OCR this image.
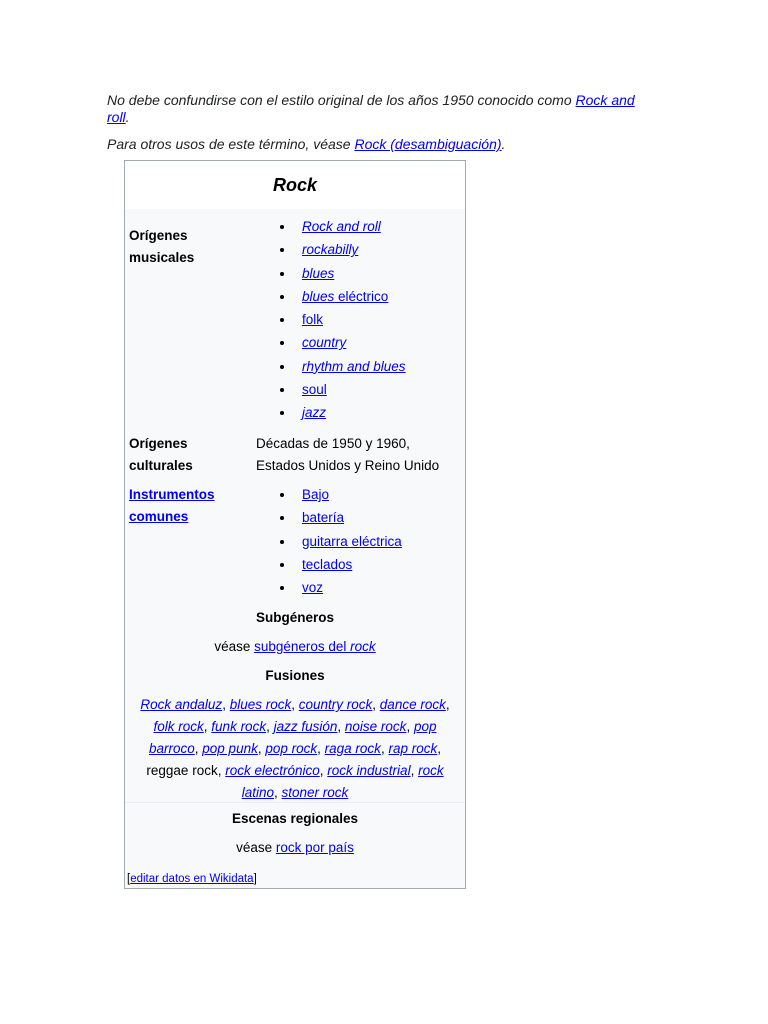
No debe confundirse con el estilo original de los años 1950 conocido como Rock and roll.
Para otros usos de este término, véase Rock (desambiguación).
Rock
Orígenes
musicales
Rock and roll
rockabilly
blues
blues eléctrico
folk
country
rhythm and blues
soul
jazz
Orígenes
culturales
Décadas de 1950 y 1960,
Estados Unidos y Reino Unido
Instrumentos
comunes
Bajo
batería
guitarra eléctrica
teclados
voz
Subgéneros
véase subgéneros del rock
Fusiones
Rock andaluz, blues rock, country rock, dance rock, folk rock, funk rock, jazz fusión, noise rock, pop barroco, pop punk, pop rock, raga rock, rap rock, reggae rock, rock electrónico, rock industrial, rock latino, stoner rock
Escenas regionales
véase rock por país
[editar datos en Wikidata]
